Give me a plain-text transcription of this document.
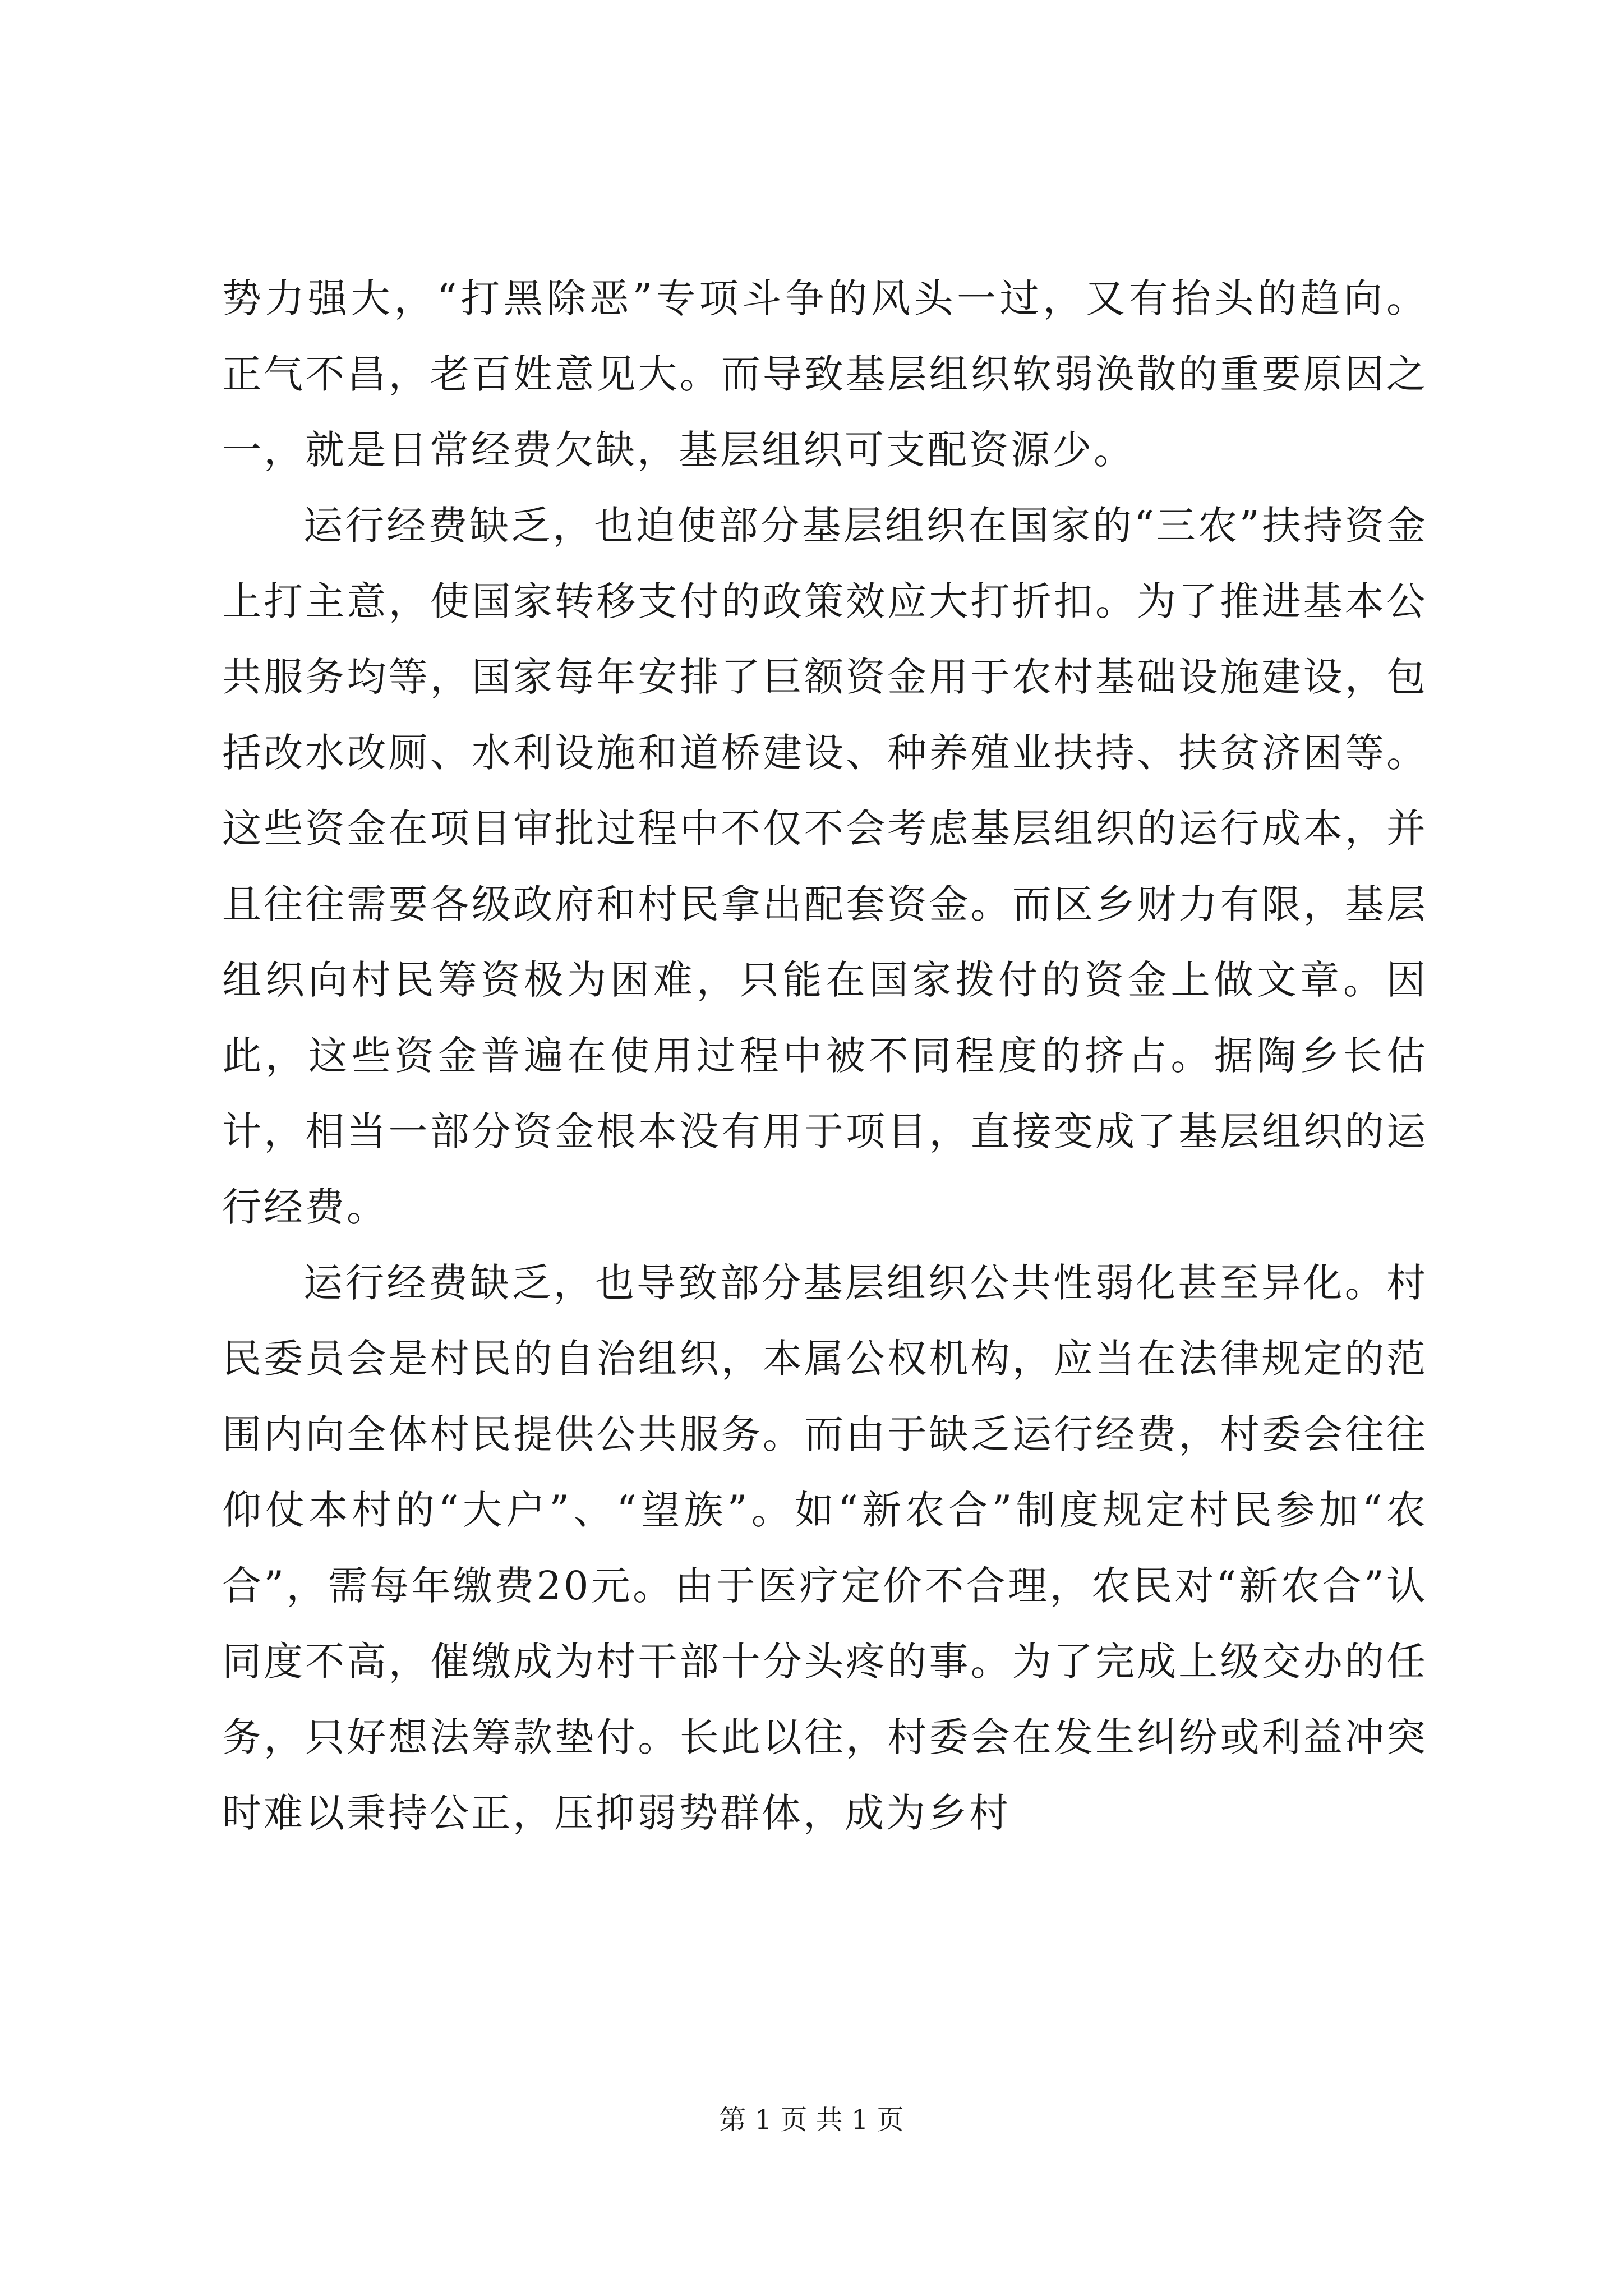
势力强大，“打黑除恶”专项斗争的风头一过，又有抬头的趋向。正气不昌，老百姓意见大。而导致基层组织软弱涣散的重要原因之一，就是日常经费欠缺，基层组织可支配资源少。

运行经费缺乏，也迫使部分基层组织在国家的“三农”扶持资金上打主意，使国家转移支付的政策效应大打折扣。为了推进基本公共服务均等，国家每年安排了巨额资金用于农村基础设施建设，包括改水改厕、水利设施和道桥建设、种养殖业扶持、扶贫济困等。这些资金在项目审批过程中不仅不会考虑基层组织的运行成本，并且往往需要各级政府和村民拿出配套资金。而区乡财力有限，基层组织向村民筹资极为困难，只能在国家拨付的资金上做文章。因此，这些资金普遍在使用过程中被不同程度的挤占。据陶乡长估计，相当一部分资金根本没有用于项目，直接变成了基层组织的运行经费。

运行经费缺乏，也导致部分基层组织公共性弱化甚至异化。村民委员会是村民的自治组织，本属公权机构，应当在法律规定的范围内向全体村民提供公共服务。而由于缺乏运行经费，村委会往往仰仗本村的“大户”、“望族”。如“新农合”制度规定村民参加“农合”，需每年缴费20元。由于医疗定价不合理，农民对“新农合”认同度不高，催缴成为村干部十分头疼的事。为了完成上级交办的任务，只好想法筹款垫付。长此以往，村委会在发生纠纷或利益冲突时难以秉持公正，压抑弱势群体，成为乡村

第 1 页 共 1 页
